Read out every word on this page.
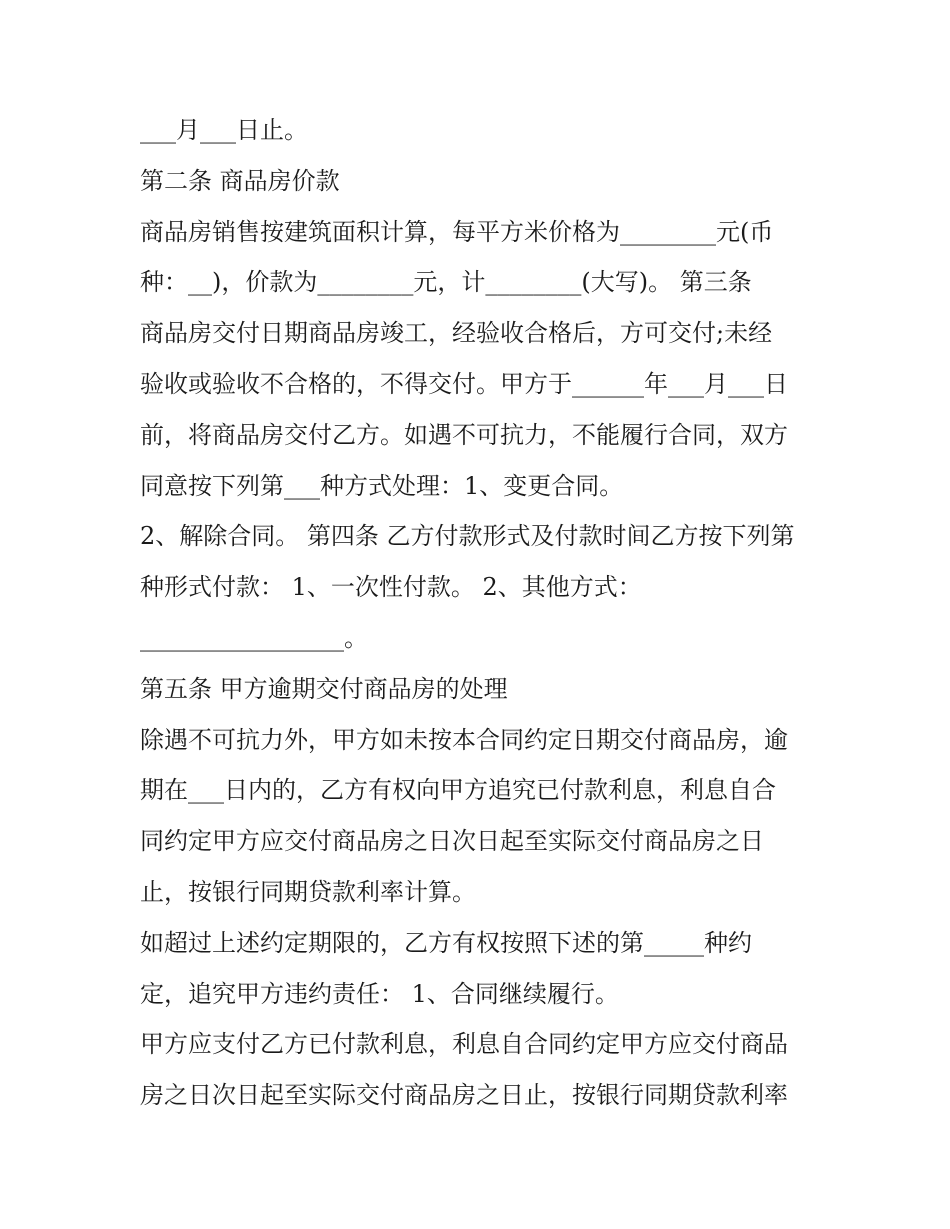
___月___日止。
第二条 商品房价款
商品房销售按建筑面积计算，每平方米价格为________元(币
种：__)，价款为________元，计________(大写)。 第三条
商品房交付日期商品房竣工，经验收合格后，方可交付;未经
验收或验收不合格的，不得交付。甲方于______年___月___日
前，将商品房交付乙方。如遇不可抗力，不能履行合同，双方
同意按下列第___种方式处理：1、变更合同。
2、解除合同。 第四条 乙方付款形式及付款时间乙方按下列第
种形式付款： 1、一次性付款。 2、其他方式：
_________________。
第五条 甲方逾期交付商品房的处理
除遇不可抗力外，甲方如未按本合同约定日期交付商品房，逾
期在___日内的，乙方有权向甲方追究已付款利息，利息自合
同约定甲方应交付商品房之日次日起至实际交付商品房之日
止，按银行同期贷款利率计算。
如超过上述约定期限的，乙方有权按照下述的第_____种约
定，追究甲方违约责任： 1、合同继续履行。
甲方应支付乙方已付款利息，利息自合同约定甲方应交付商品
房之日次日起至实际交付商品房之日止，按银行同期贷款利率
